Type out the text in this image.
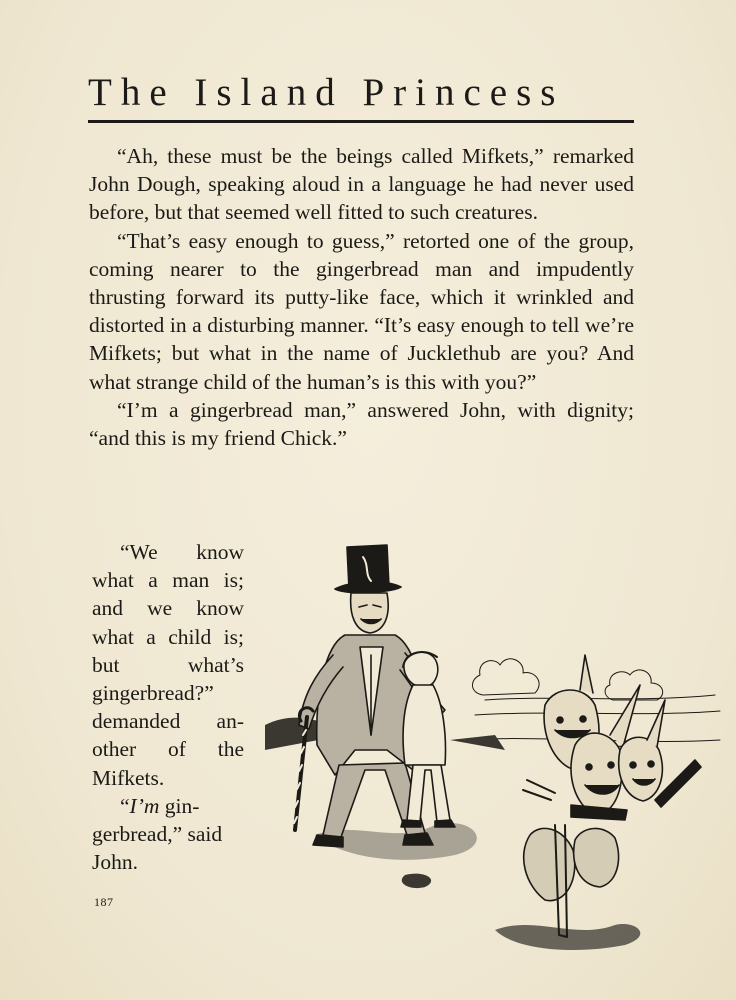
The Island Princess

“Ah, these must be the beings called Mifkets,” remarked John Dough, speaking aloud in a language he had never used before, but that seemed well fitted to such creatures.

“That’s easy enough to guess,” retorted one of the group, coming nearer to the gingerbread man and impudently thrusting forward its putty-like face, which it wrinkled and distorted in a disturbing manner. “It’s easy enough to tell we’re Mifkets; but what in the name of Jucklethub are you? And what strange child of the human’s is this with you?”

“I’m a gingerbread man,” answered John, with dignity; “and this is my friend Chick.”

“We know what a man is; and we know what a child is; but what’s gingerbread?” demanded another of the Mifkets.

“I’m gingerbread,” said John.

187
